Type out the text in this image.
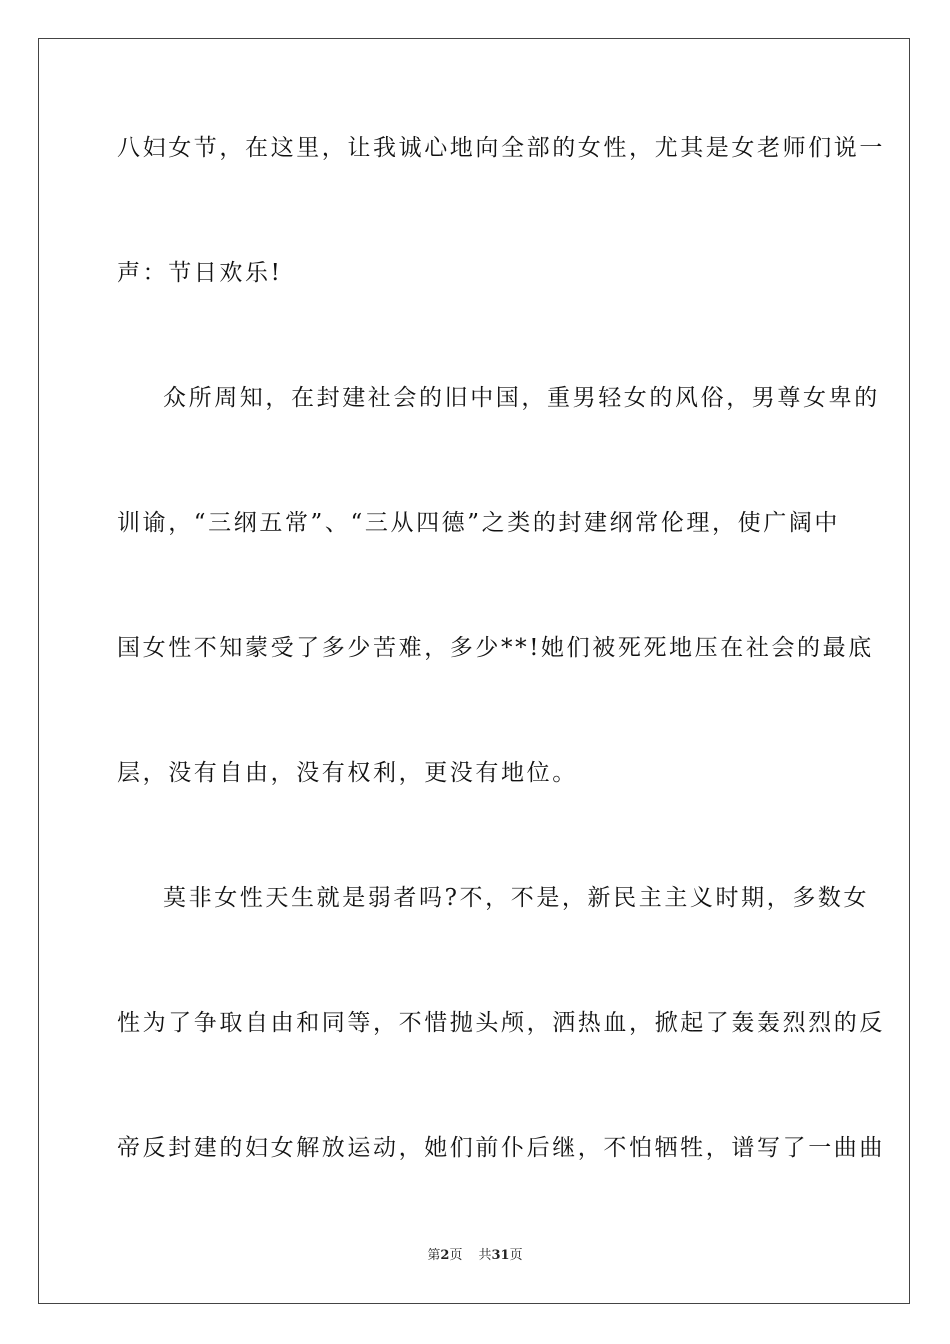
八妇女节，在这里，让我诚心地向全部的女性，尤其是女老师们说一
声：节日欢乐!
众所周知，在封建社会的旧中国，重男轻女的风俗，男尊女卑的
训谕，“三纲五常”、“三从四德”之类的封建纲常伦理，使广阔中
国女性不知蒙受了多少苦难，多少**!她们被死死地压在社会的最底
层，没有自由，没有权利，更没有地位。
莫非女性天生就是弱者吗?不，不是，新民主主义时期，多数女
性为了争取自由和同等，不惜抛头颅，洒热血，掀起了轰轰烈烈的反
帝反封建的妇女解放运动，她们前仆后继，不怕牺牲，谱写了一曲曲
第2页 共31页
